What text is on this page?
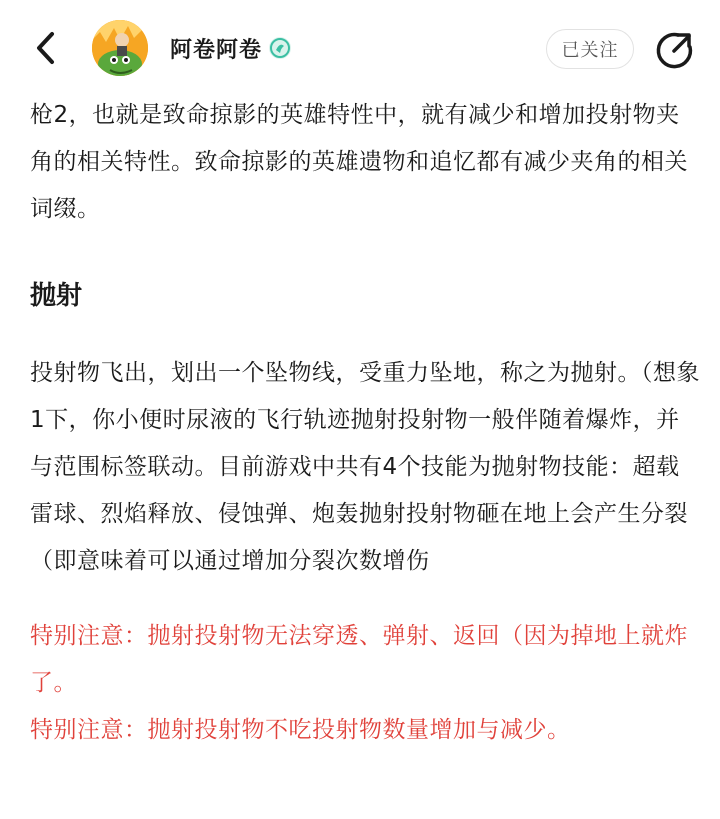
阿卷阿卷	已关注

枪2，也就是致命掠影的英雄特性中，就有减少和增加投射物夹角的相关特性。致命掠影的英雄遗物和追忆都有减少夹角的相关词缀。

抛射

投射物飞出，划出一个坠物线，受重力坠地，称之为抛射。（想象1下，你小便时尿液的飞行轨迹抛射投射物一般伴随着爆炸，并与范围标签联动。目前游戏中共有4个技能为抛射物技能：超载雷球、烈焰释放、侵蚀弹、炮轰抛射投射物砸在地上会产生分裂（即意味着可以通过增加分裂次数增伤

特别注意：抛射投射物无法穿透、弹射、返回（因为掉地上就炸了。

特别注意：抛射投射物不吃投射物数量增加与减少。
